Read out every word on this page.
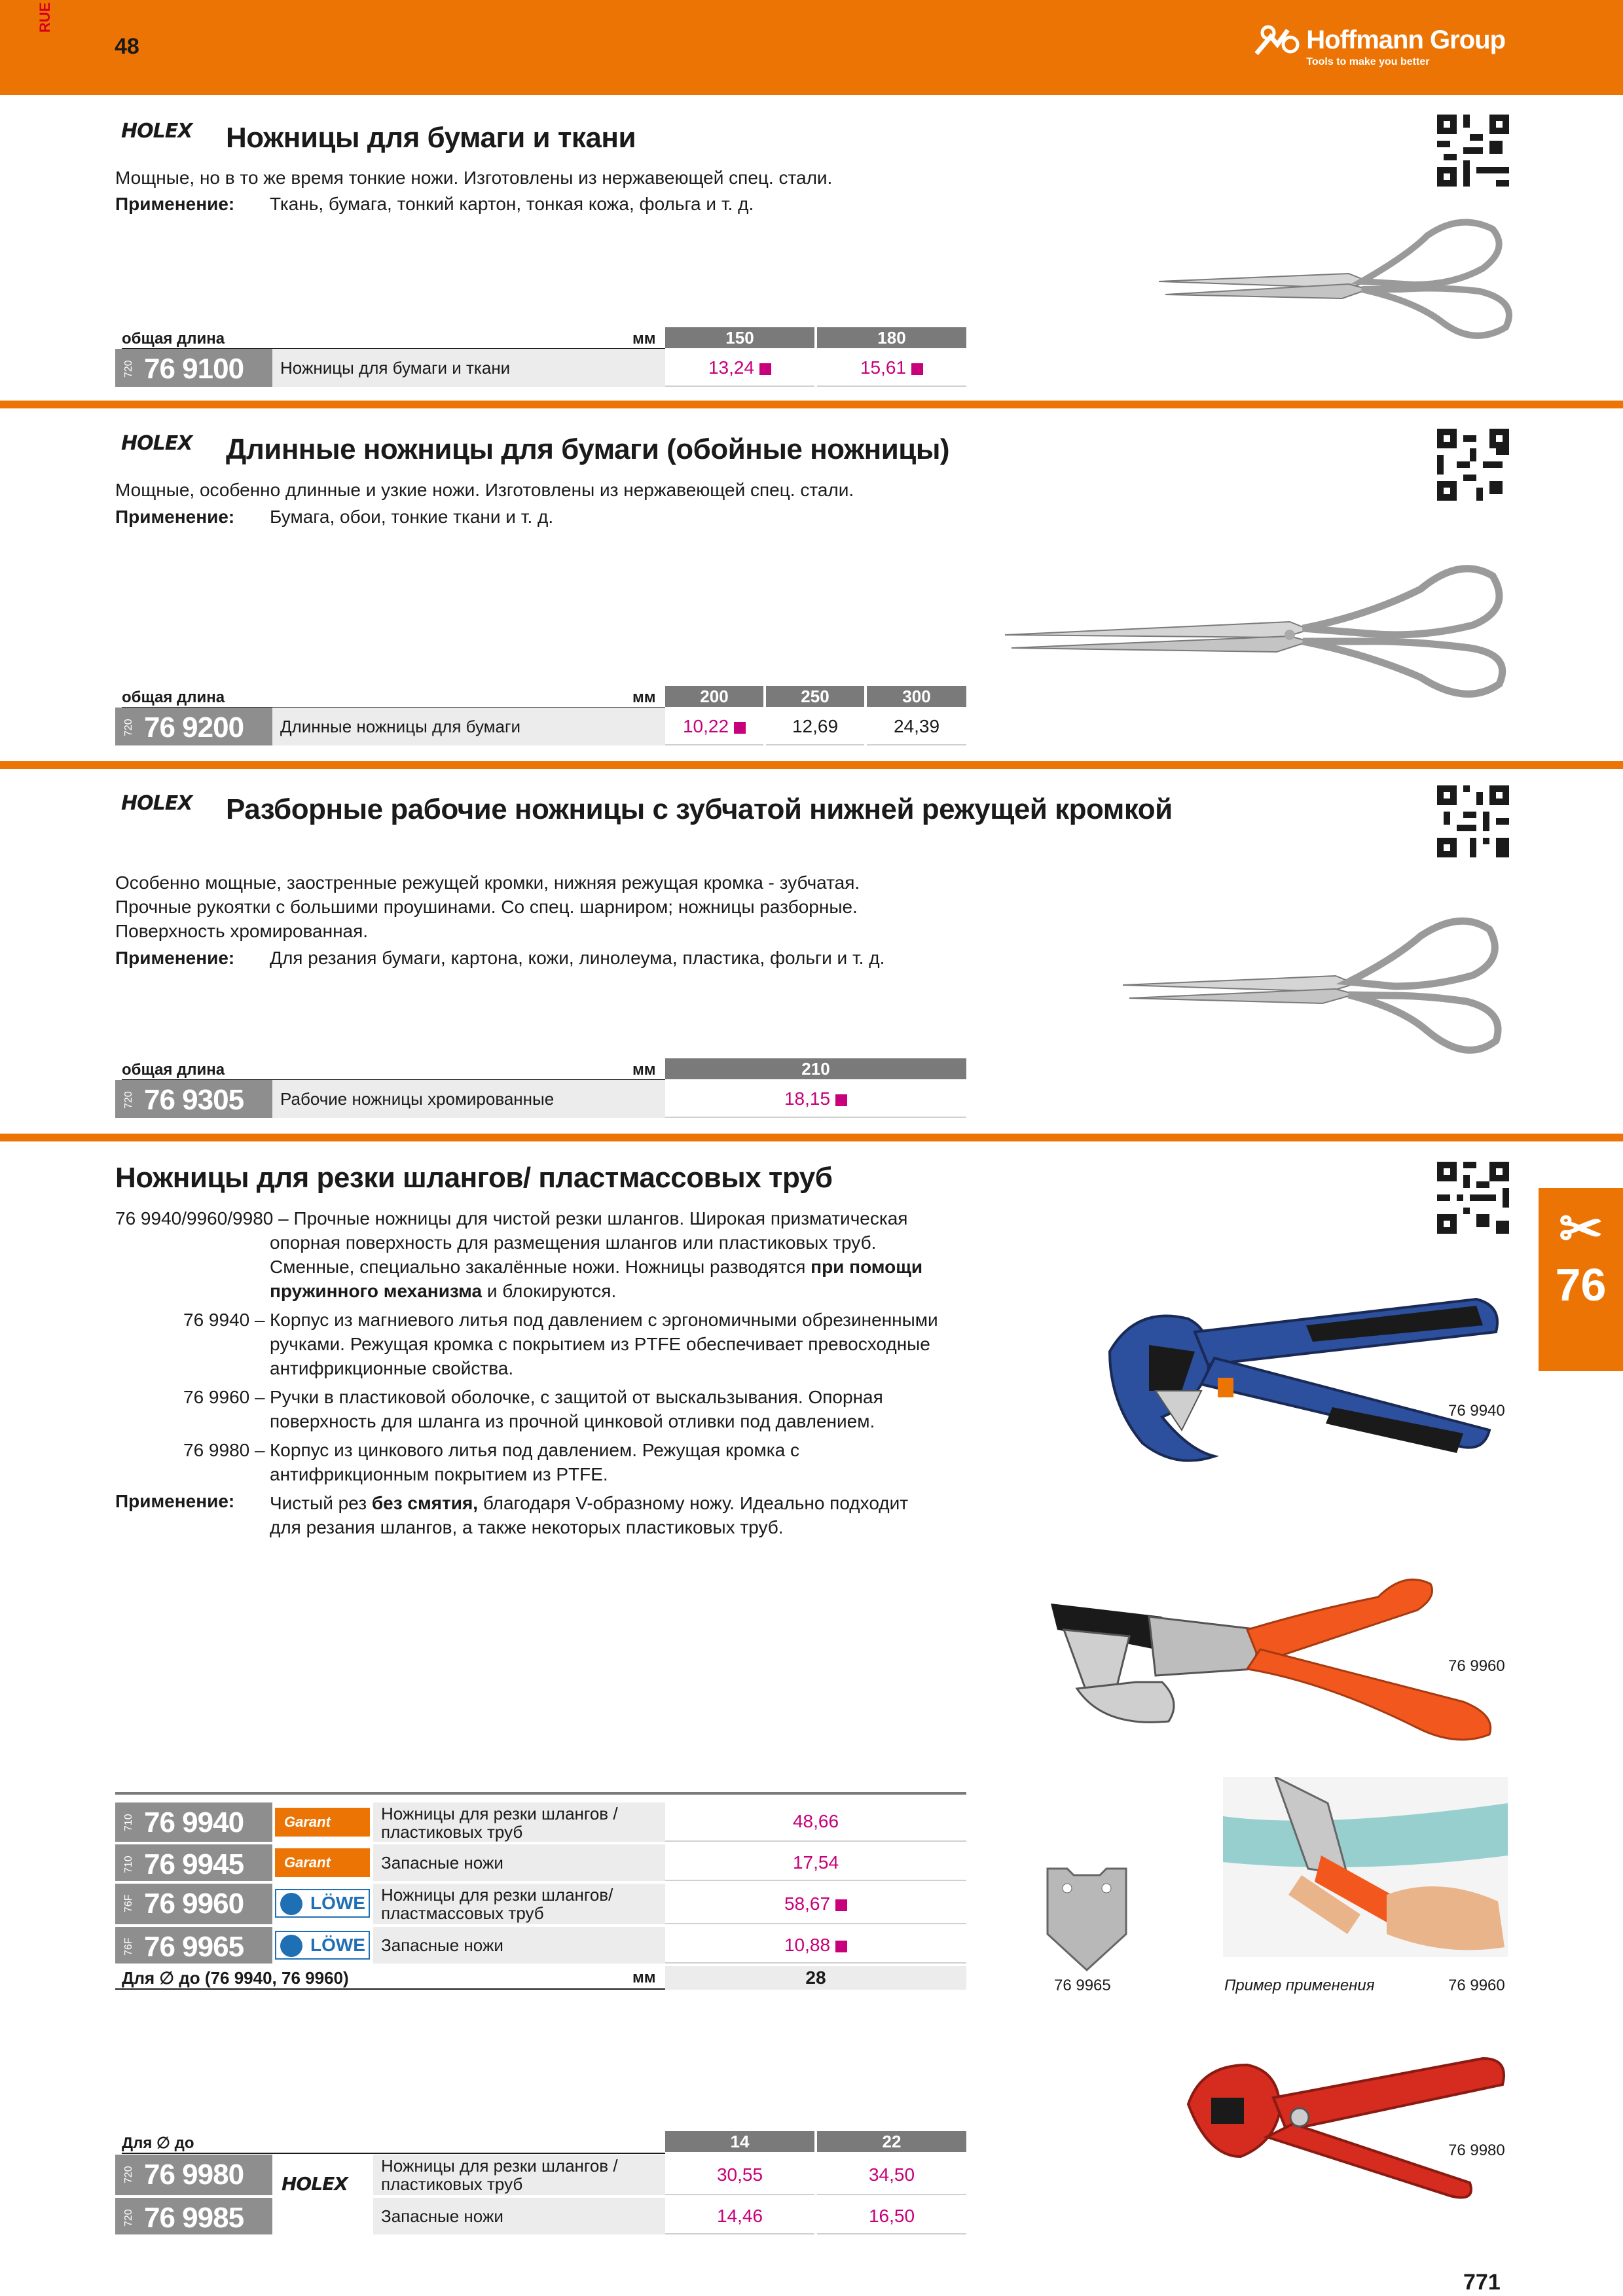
RUE
48	Hoffmann Group
Tools to make you better
HOLEX Ножницы для бумаги и ткани
Мощные, но в то же время тонкие ножи. Изготовлены из нержавеющей спец. стали.
Применение: Ткань, бумага, тонкий картон, тонкая кожа, фольга и т. д.
общая длина	мм	150	180
720 76 9100	Ножницы для бумаги и ткани	13,24	15,61
HOLEX Длинные ножницы для бумаги (обойные ножницы)
Мощные, особенно длинные и узкие ножи. Изготовлены из нержавеющей спец. стали.
Применение: Бумага, обои, тонкие ткани и т. д.
общая длина	мм	200	250	300
720 76 9200	Длинные ножницы для бумаги	10,22	12,69	24,39
HOLEX Разборные рабочие ножницы с зубчатой нижней режущей кромкой
Особенно мощные, заостренные режущей кромки, нижняя режущая кромка - зубчатая.
Прочные рукоятки с большими проушинами. Со спец. шарниром; ножницы разборные.
Поверхность хромированная.
Применение: Для резания бумаги, картона, кожи, линолеума, пластика, фольги и т. д.
общая длина	мм	210
720 76 9305	Рабочие ножницы хромированные	18,15
Ножницы для резки шлангов/ пластмассовых труб
76 9940/9960/9980 – Прочные ножницы для чистой резки шлангов. Широкая призматическая
опорная поверхность для размещения шлангов или пластиковых труб.
Сменные, специально закалённые ножи. Ножницы разводятся при помощи
пружинного механизма и блокируются.
76 9940 – Корпус из магниевого литья под давлением с эргономичными обрезиненными
ручками. Режущая кромка с покрытием из PTFE обеспечивает превосходные
антифрикционные свойства.
76 9960 – Ручки в пластиковой оболочке, с защитой от выскальзывания. Опорная
поверхность для шланга из прочной цинковой отливки под давлением.
76 9980 – Корпус из цинкового литья под давлением. Режущая кромка с
антифрикционным покрытием из PTFE.
Применение: Чистый рез без смятия, благодаря V-образному ножу. Идеально подходит
для резания шлангов, а также некоторых пластиковых труб.
✂
76
76 9940
76 9960
76 9965	Пример применения	76 9960
76 9980
710 76 9940	Garant	Ножницы для резки шлангов /
пластиковых труб
48,66
710 76 9945	Garant	Запасные ножи	17,54
76F 76 9960	LÖWE Ножницы для резки шлангов/
пластмассовых труб	58,67
76F 76 9965	LÖWE Запасные ножи	10,88
Для ∅ до (76 9940, 76 9960)	мм	28
Для ∅ до	14	22
720 76 9980 HOLEX
Ножницы для резки шлангов /
пластиковых труб	30,55	34,50
720 76 9985	Запасные ножи	14,46	16,50
771
